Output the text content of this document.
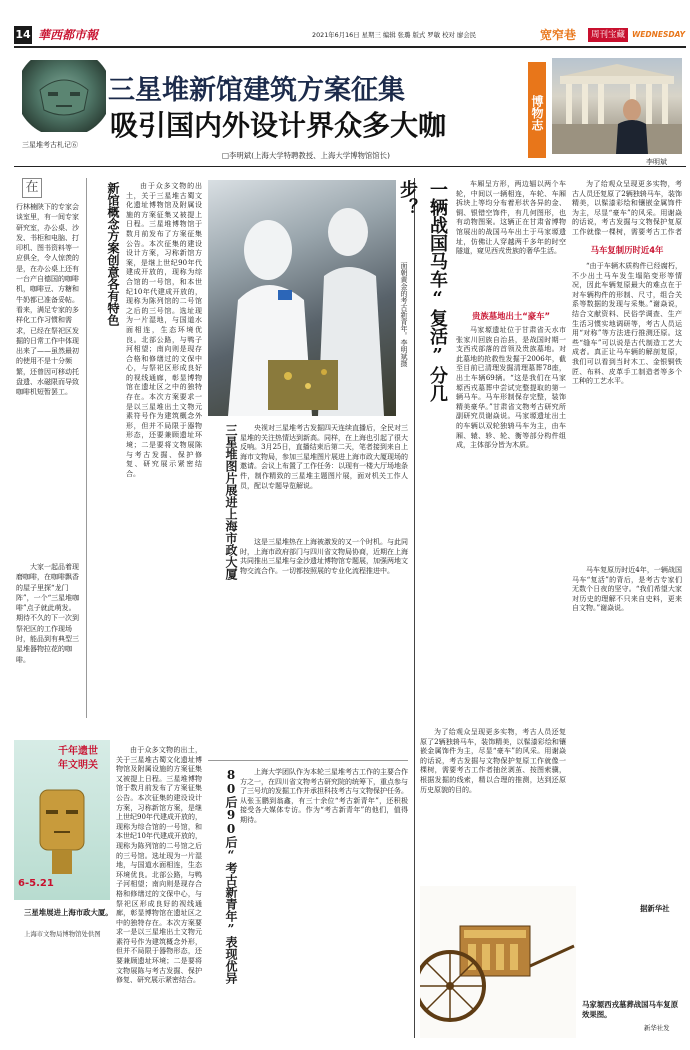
14 華西都市報	2021年6月16日 星期三 编辑 张璐 版式 罗敏 校对 廖会民	宽窄巷	周刊宝藏 WEDNESDAY
三星堆考古札记⑥
三星堆新馆建筑方案征集
吸引国内外设计界众多大咖
□李明斌(上海大学特聘教授、上海大学博物馆馆长)
博物志
李明斌
在
行林楠陕下的专家会谈室里，有一间专家研究室，办公桌、沙发、书柜和电脑、打印机、图书资料等一应俱全，令人惊羡的是，在办公桌上还有一台产自德国的咖啡机，咖啡豆、方糖和牛奶都已准备妥帖。看来，满足专家的多样化工作习惯和需求，已经在祭祀区发掘的日常工作中体现出来了——虽然最初的使用不是十分频繁，还曾因可移动托盘遗、水磁限而导致咖啡机短暂罢工。
大家一起品着现磨咖啡，在咖啡飘香的屋子里探“龙门阵”，一个“三星堆咖啡”点子就此萌发。期待不久的下一次到祭祀区的工作现场时，能品到有典型三星堆器物拉花的咖啡。
新馆概念方案创意各有特色	由于众多文物的出土，关于三星堆古蜀文化遗址博物馆及附属设施的方案征集又被提上日程。三星堆博物馆于数月前发布了方案征集公告。本次征集的建设设计方案，习称新馆方案，是继上世纪90年代建成开放的，现称为综合馆的一号馆，和本世纪10年代建成开放的，现称为陈列馆的二号馆之后的三号馆。选址现为一片湿地，与国道水面相连，生态环境优良。北部公路，与鸭子河相望；南向则是现存合格和修缮过的文保中心，与祭祀区形成良好的视线通廊，彰显博物馆在遗址区之中的独特存在。本次方案要求一是以三星堆出土文物元素符号作为建筑概念外形，但并不局限于器物形态，还要兼顾遗址环境；二是要将文物展陈与考古发掘、保护修复、研究展示紧密结合。
面朝黄金的考古新青年。李明斌摄
三星堆图片展进上海市政大厦	央视对三星堆考古发掘四天连续直播后，全民对三星堆的关注热情达到新高。同样，在上海也引起了很大反响。3月25日，直播结束后第二天，笔者接到来自上海市文物局，参加三星堆图片展进上海市政大厦现场的邀请。会议上布置了工作任务：以现有一楼大厅场地条件，制作精致的三星堆主题图片展，面对机关工作人员，配以专题导览解说。
这是三星堆热在上海被激发的又一个时机。与此同时，上海市政府部门与四川省文物局协商，近期在上海共同推出三星堆与金沙遗址博物馆专题展，加强两地文物交流合作。一切都按照展的专业化流程推进中。
80后90后“考古新青年”表现优异	上海大学团队作为本轮三星堆考古工作的主要合作方之一，在四川省文物考古研究院的统筹下，重点参与了三号坑的发掘工作并承担科技考古与文物保护任务。从张玉鹏到翁鑫，有三十余位“考古新青年”，还积极接受各大媒体专访。作为“考古新青年”的他们，值得期待。
千年遗世
年文明关
6-5.21
三星堆展进上海市政大厦。
上海市文物局博物馆处供图
由于众多文物的出土，关于三星堆古蜀文化遗址博物馆及附属设施的方案征集又被提上日程。三星堆博物馆于数月前发布了方案征集公告。本次征集的建设设计方案，习称新馆方案，是继上世纪90年代建成开放的，现称为综合馆的一号馆，和本世纪10年代建成开放的，现称为陈列馆的二号馆之后的三号馆。选址现为一片湿地，与国道水面相连，生态环境优良。北部公路，与鸭子河相望；南向则是现存合格和修缮过的文保中心，与祭祀区形成良好的视线通廊，彰显博物馆在遗址区之中的独特存在。本次方案要求一是以三星堆出土文物元素符号作为建筑概念外形，但并不局限于器物形态，还要兼顾遗址环境；二是要将文物展陈与考古发掘、保护修复、研究展示紧密结合。
一辆战国马车“复活”分几步？	车厢呈方形，两边辐以两个车轮，中间以一辆相连，车轮、车厢拆块上等均分布着形状各异的金、铜、银错空饰件，有几何图形，也有动物图案。这辆正在甘肃省博物馆展出的战国马车出土于马家塬遗址，仿佛让人穿越两千多年的时空隧道，窥见西戎贵族的奢华生活。
贵族墓地出土“豪车”
马家塬遗址位于甘肃省天水市张家川回族自治县，是战国时期一支西戎部落的首领及贵族墓地。对此墓地的抢救性发掘于2006年，截至目前已清理发掘清理墓葬78座，出土车辆69辆。“这是我们在马家塬西戎墓葬中尝试完整提取的第一辆马车。马车形制保存完整，装饰精美豪华。”甘肃省文物考古研究所副研究员谢焱说。马家塬遗址出土的车辆以双轮独辀马车为主，由车厢、辕、轸、轮、衡等部分构件组成，主体部分皆为木质。
为了给观众呈现更多实物，考古人员还复原了2辆独辀马车，装饰精美，以髹漆彩绘和镶嵌金属饰件为主，尽显“豪车”的风采。用谢焱的话说，考古发掘与文物保护复原工作就像一棵树，需要考古工作者抽丝剥茧、按图索骥，根据发掘的线索，精以合理的推测，达到还原历史原貌的目的。
为了给观众呈现更多实物，考古人员还复原了2辆独辀马车，装饰精美，以髹漆彩绘和镶嵌金属饰件为主，尽显“豪车”的风采。用谢焱的话说，考古发掘与文物保护复原工作就像一棵树，需要考古工作者
马车复制历时近4年
“由于车辆木质构件已经腐朽，不少出土马车发生塌陷变形等情况，因此车辆复原最大的难点在于对车辆构件的形制、尺寸，组合关系等数据的发现与采集。”谢焱说，结合文献资料、民俗学调查、生产生活习惯实地调研等，考古人员运用“对称”等方法进行推测还原。这些“缝车”可以说是古代制造工艺大成者。真正让马车辆的解剖复原，我们可以看到当时木工、金银铜铁匠、布料、皮革手工制造者等多个工种的工艺水平。
马车复原历时近4年，一辆战国马车“复活”的背后，是考古专家们无数个日夜的坚守。“我们希望大家对历史的理解不只来自史料，更来自文物。”谢焱说。
据新华社
马家塬西戎墓葬战国马车复原效果图。
新华社发
